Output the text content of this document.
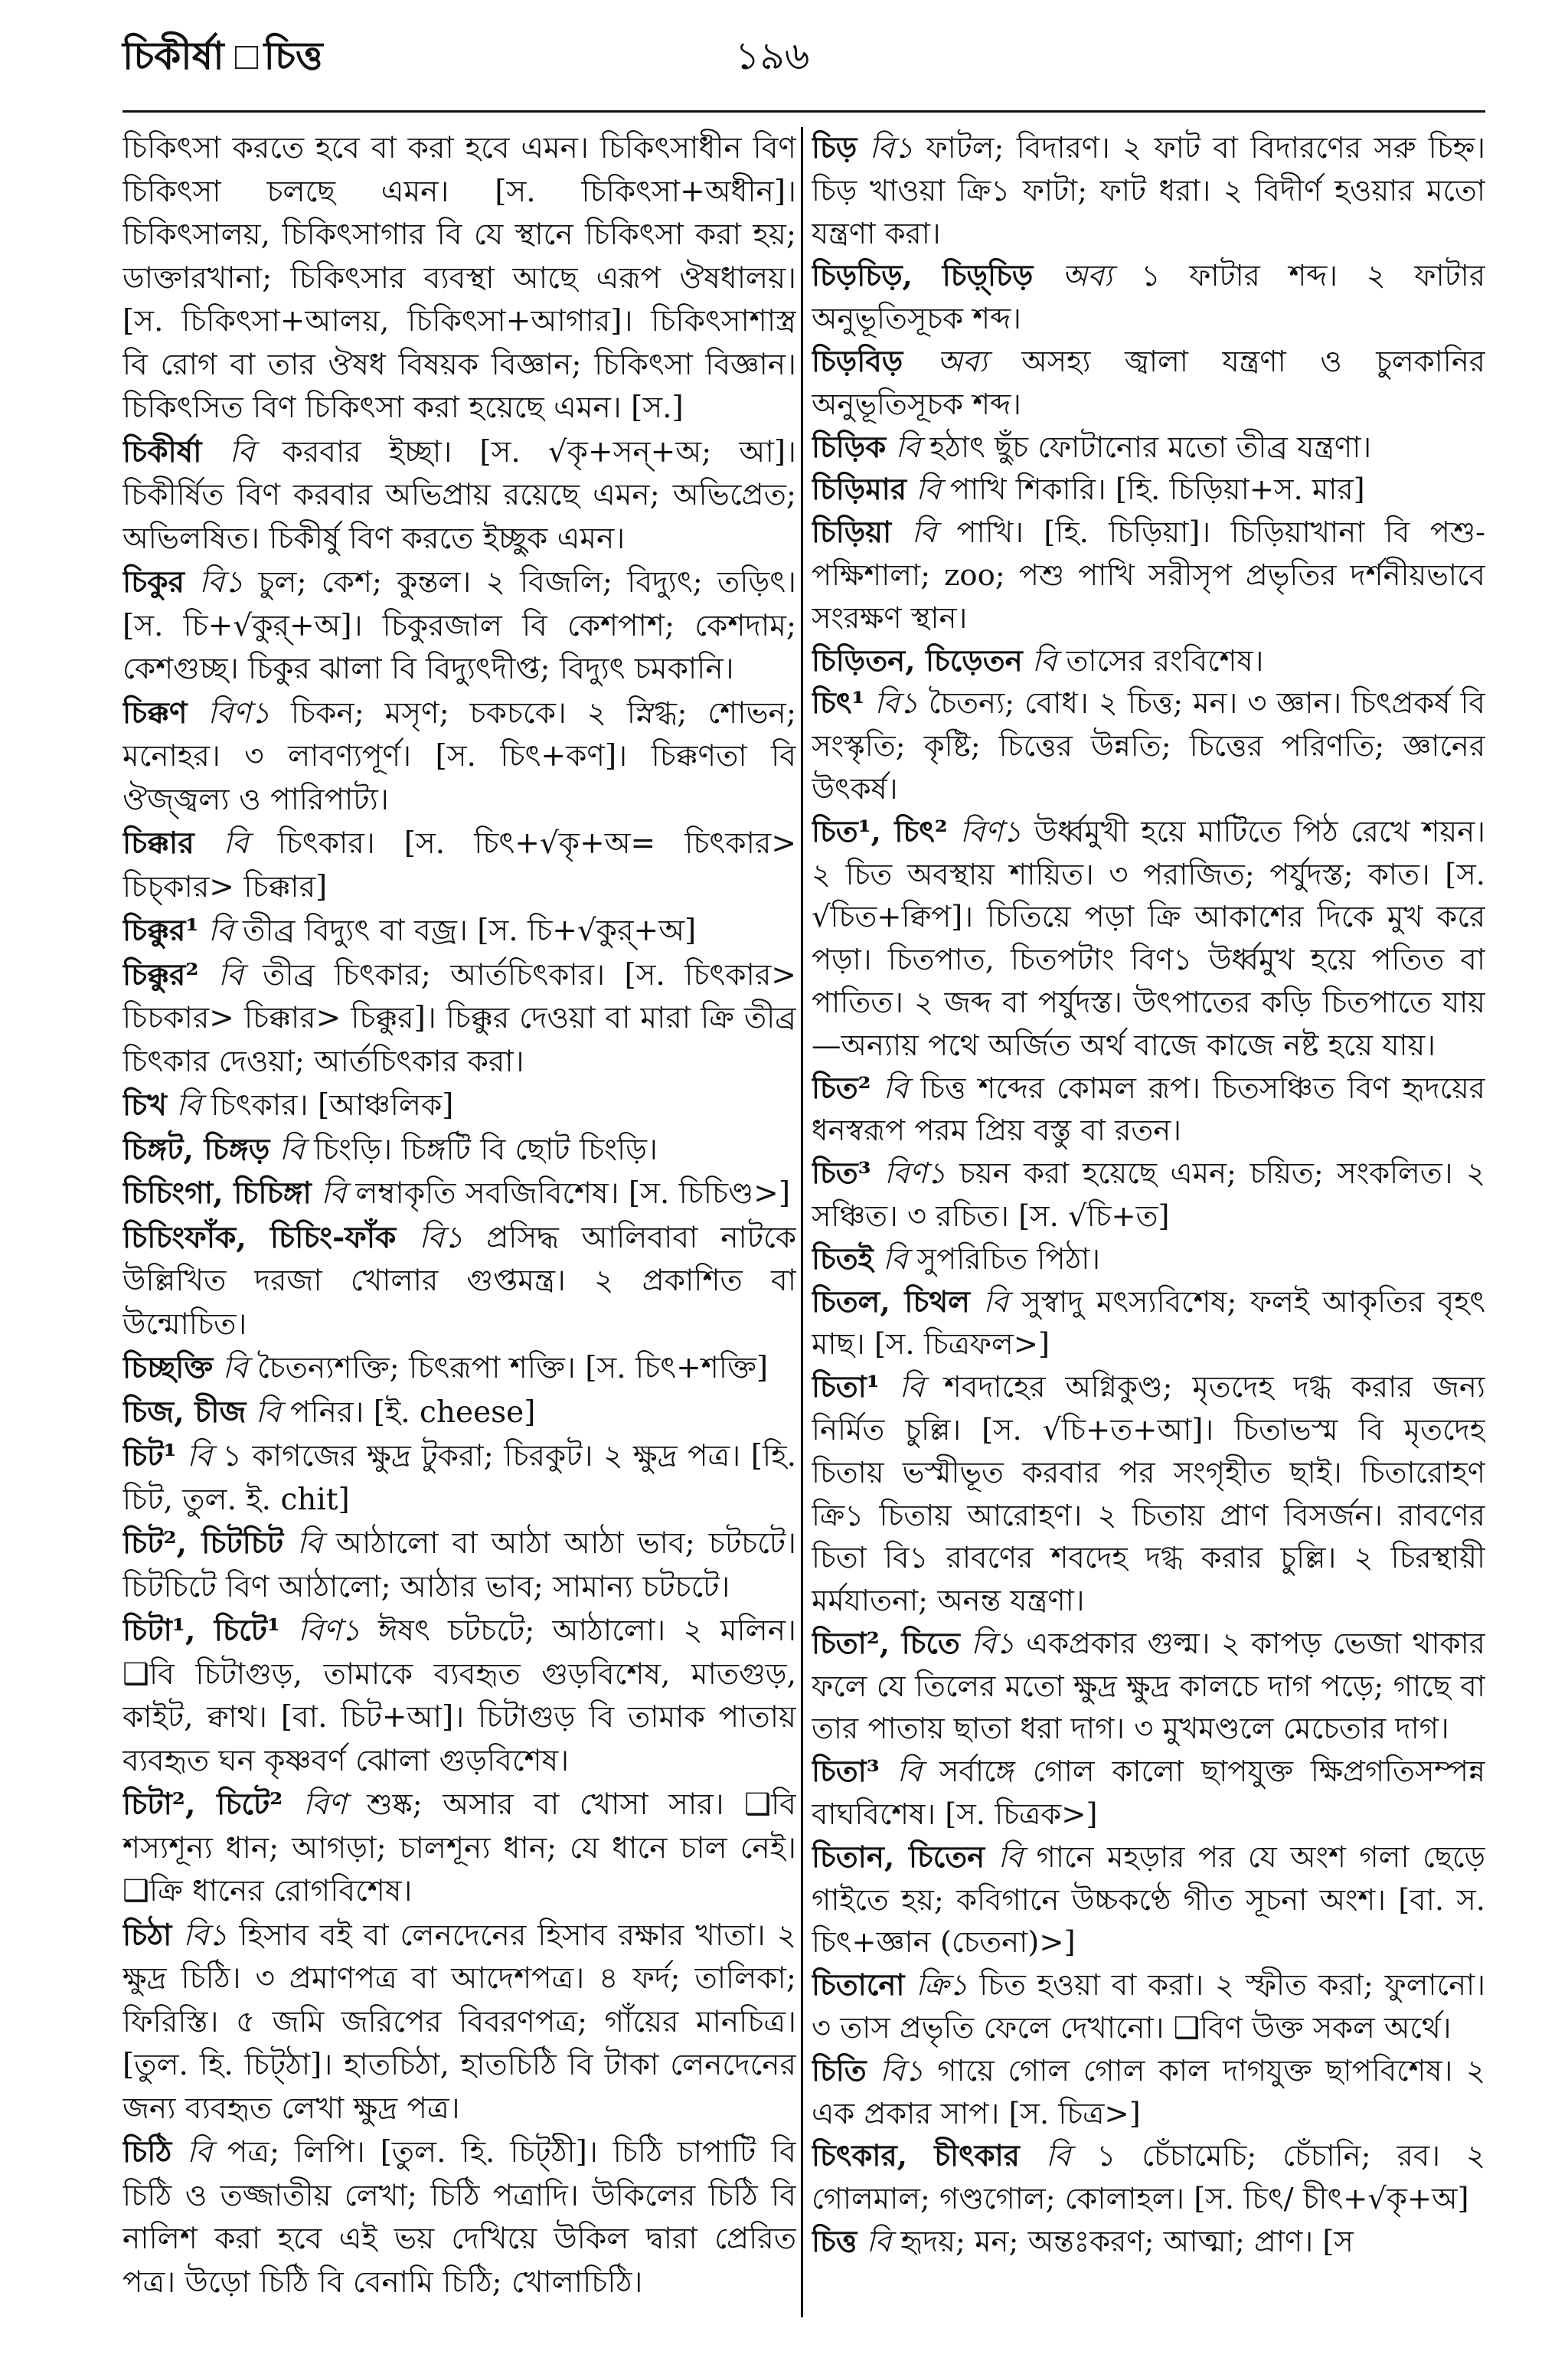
চিকীর্ষা চিত্ত	১৯৬

চিকিৎসা করতে হবে বা করা হবে এমন। চিকিৎসাধীন বিণ চিকিৎসা চলছে এমন। [স. চিকিৎসা+অধীন]। চিকিৎসালয়, চিকিৎসাগার বি যে স্থানে চিকিৎসা করা হয়; ডাক্তারখানা; চিকিৎসার ব্যবস্থা আছে এরূপ ঔষধালয়। [স. চিকিৎসা+আলয়, চিকিৎসা+আগার]। চিকিৎসাশাস্ত্র বি রোগ বা তার ঔষধ বিষয়ক বিজ্ঞান; চিকিৎসা বিজ্ঞান। চিকিৎসিত বিণ চিকিৎসা করা হয়েছে এমন। [স.]

চিকীর্ষা বি করবার ইচ্ছা। [স. √কৃ+সন্‌+অ; আ]। চিকীর্ষিত বিণ করবার অভিপ্রায় রয়েছে এমন; অভিপ্রেত; অভিলষিত। চিকীর্ষু বিণ করতে ইচ্ছুক এমন।

চিকুর বি১ চুল; কেশ; কুন্তল। ২ বিজলি; বিদ্যুৎ; তড়িৎ। [স. চি+√কুর্‌+অ]। চিকুরজাল বি কেশপাশ; কেশদাম; কেশগুচ্ছ। চিকুর ঝালা বি বিদ্যুৎদীপ্ত; বিদ্যুৎ চমকানি।

চিক্কণ বিণ১ চিকন; মসৃণ; চকচকে। ২ স্নিগ্ধ; শোভন; মনোহর। ৩ লাবণ্যপূর্ণ। [স. চিৎ+কণ]। চিক্কণতা বি ঔজ্জ্বল্য ও পারিপাট্য।

চিক্কার বি চিৎকার। [স. চিৎ+√কৃ+অ= চিৎকার> চিচ্‌কার> চিক্কার]

চিক্কুর¹ বি তীব্র বিদ্যুৎ বা বজ্র। [স. চি+√কুর্‌+অ]

চিক্কুর² বি তীব্র চিৎকার; আর্তচিৎকার। [স. চিৎকার> চিচকার> চিক্কার> চিক্কুর]। চিক্কুর দেওয়া বা মারা ক্রি তীব্র চিৎকার দেওয়া; আর্তচিৎকার করা।

চিখ বি চিৎকার। [আঞ্চলিক]

চিঙ্গট, চিঙ্গড় বি চিংড়ি। চিঙ্গটি বি ছোট চিংড়ি।

চিচিংগা, চিচিঙ্গা বি লম্বাকৃতি সবজিবিশেষ। [স. চিচিণ্ড>]

চিচিংফাঁক, চিচিং-ফাঁক বি১ প্রসিদ্ধ আলিবাবা নাটকে উল্লিখিত দরজা খোলার গুপ্তমন্ত্র। ২ প্রকাশিত বা উন্মোচিত।

চিচ্ছক্তি বি চৈতন্যশক্তি; চিৎরূপা শক্তি। [স. চিৎ+শক্তি]

চিজ, চীজ বি পনির। [ই. cheese]

চিট¹ বি ১ কাগজের ক্ষুদ্র টুকরা; চিরকুট। ২ ক্ষুদ্র পত্র। [হি. চিট, তুল. ই. chit]

চিট², চিটচিট বি আঠালো বা আঠা আঠা ভাব; চটচটে। চিটচিটে বিণ আঠালো; আঠার ভাব; সামান্য চটচটে।

চিটা¹, চিটে¹ বিণ১ ঈষৎ চটচটে; আঠালো। ২ মলিন। ❑বি চিটাগুড়, তামাকে ব্যবহৃত গুড়বিশেষ, মাতগুড়, কাইট, ক্বাথ। [বা. চিট+আ]। চিটাগুড় বি তামাক পাতায় ব্যবহৃত ঘন কৃষ্ণবর্ণ ঝোলা গুড়বিশেষ।

চিটা², চিটে² বিণ শুষ্ক; অসার বা খোসা সার। ❑বি শস্যশূন্য ধান; আগড়া; চালশূন্য ধান; যে ধানে চাল নেই। ❑ক্রি ধানের রোগবিশেষ।

চিঠা বি১ হিসাব বই বা লেনদেনের হিসাব রক্ষার খাতা। ২ ক্ষুদ্র চিঠি। ৩ প্রমাণপত্র বা আদেশপত্র। ৪ ফর্দ; তালিকা; ফিরিস্তি। ৫ জমি জরিপের বিবরণপত্র; গাঁয়ের মানচিত্র। [তুল. হি. চিট্‌ঠা]। হাতচিঠা, হাতচিঠি বি টাকা লেনদেনের জন্য ব্যবহৃত লেখা ক্ষুদ্র পত্র।

চিঠি বি পত্র; লিপি। [তুল. হি. চিট্‌ঠী]। চিঠি চাপাটি বি চিঠি ও তজ্জাতীয় লেখা; চিঠি পত্রাদি। উকিলের চিঠি বি নালিশ করা হবে এই ভয় দেখিয়ে উকিল দ্বারা প্রেরিত পত্র। উড়ো চিঠি বি বেনামি চিঠি; খোলাচিঠি।

চিড় বি১ ফাটল; বিদারণ। ২ ফাট বা বিদারণের সরু চিহ্ন। চিড় খাওয়া ক্রি১ ফাটা; ফাট ধরা। ২ বিদীর্ণ হওয়ার মতো যন্ত্রণা করা।

চিড়চিড়, চিড়্‌চিড় অব্য ১ ফাটার শব্দ। ২ ফাটার অনুভূতিসূচক শব্দ।

চিড়বিড় অব্য অসহ্য জ্বালা যন্ত্রণা ও চুলকানির অনুভূতিসূচক শব্দ।

চিড়িক বি হঠাৎ ছুঁচ ফোটানোর মতো তীব্র যন্ত্রণা।

চিড়িমার বি পাখি শিকারি। [হি. চিড়িয়া+স. মার]

চিড়িয়া বি পাখি। [হি. চিড়িয়া]। চিড়িয়াখানা বি পশু-পক্ষিশালা; zoo; পশু পাখি সরীসৃপ প্রভৃতির দর্শনীয়ভাবে সংরক্ষণ স্থান।

চিড়িতন, চিড়েতন বি তাসের রংবিশেষ।

চিৎ¹ বি১ চৈতন্য; বোধ। ২ চিত্ত; মন। ৩ জ্ঞান। চিৎপ্রকর্ষ বি সংস্কৃতি; কৃষ্টি; চিত্তের উন্নতি; চিত্তের পরিণতি; জ্ঞানের উৎকর্ষ।

চিত¹, চিৎ² বিণ১ উর্ধ্বমুখী হয়ে মাটিতে পিঠ রেখে শয়ন। ২ চিত অবস্থায় শায়িত। ৩ পরাজিত; পর্যুদস্ত; কাত। [স. √চিত+ক্বিপ]। চিতিয়ে পড়া ক্রি আকাশের দিকে মুখ করে পড়া। চিতপাত, চিতপটাং বিণ১ উর্ধ্বমুখ হয়ে পতিত বা পাতিত। ২ জব্দ বা পর্যুদস্ত। উৎপাতের কড়ি চিতপাতে যায়—অন্যায় পথে অর্জিত অর্থ বাজে কাজে নষ্ট হয়ে যায়।

চিত² বি চিত্ত শব্দের কোমল রূপ। চিতসঞ্চিত বিণ হৃদয়ের ধনস্বরূপ পরম প্রিয় বস্তু বা রতন।

চিত³ বিণ১ চয়ন করা হয়েছে এমন; চয়িত; সংকলিত। ২ সঞ্চিত। ৩ রচিত। [স. √চি+ত]

চিতই বি সুপরিচিত পিঠা।

চিতল, চিথল বি সুস্বাদু মৎস্যবিশেষ; ফলই আকৃতির বৃহৎ মাছ। [স. চিত্রফল>]

চিতা¹ বি শবদাহের অগ্নিকুণ্ড; মৃতদেহ দগ্ধ করার জন্য নির্মিত চুল্লি। [স. √চি+ত+আ]। চিতাভস্ম বি মৃতদেহ চিতায় ভস্মীভূত করবার পর সংগৃহীত ছাই। চিতারোহণ ক্রি১ চিতায় আরোহণ। ২ চিতায় প্রাণ বিসর্জন। রাবণের চিতা বি১ রাবণের শবদেহ দগ্ধ করার চুল্লি। ২ চিরস্থায়ী মর্মযাতনা; অনন্ত যন্ত্রণা।

চিতা², চিতে বি১ একপ্রকার গুল্ম। ২ কাপড় ভেজা থাকার ফলে যে তিলের মতো ক্ষুদ্র ক্ষুদ্র কালচে দাগ পড়ে; গাছে বা তার পাতায় ছাতা ধরা দাগ। ৩ মুখমণ্ডলে মেচেতার দাগ।

চিতা³ বি সর্বাঙ্গে গোল কালো ছাপযুক্ত ক্ষিপ্রগতিসম্পন্ন বাঘবিশেষ। [স. চিত্রক>]

চিতান, চিতেন বি গানে মহড়ার পর যে অংশ গলা ছেড়ে গাইতে হয়; কবিগানে উচ্চকণ্ঠে গীত সূচনা অংশ। [বা. স. চিৎ+জ্ঞান (চেতনা)>]

চিতানো ক্রি১ চিত হওয়া বা করা। ২ স্ফীত করা; ফুলানো। ৩ তাস প্রভৃতি ফেলে দেখানো। ❑বিণ উক্ত সকল অর্থে।

চিতি বি১ গায়ে গোল গোল কাল দাগযুক্ত ছাপবিশেষ। ২ এক প্রকার সাপ। [স. চিত্র>]

চিৎকার, চীৎকার বি ১ চেঁচামেচি; চেঁচানি; রব। ২ গোলমাল; গণ্ডগোল; কোলাহল। [স. চিৎ/ চীৎ+√কৃ+অ]

চিত্ত বি হৃদয়; মন; অন্তঃকরণ; আত্মা; প্রাণ। [স
